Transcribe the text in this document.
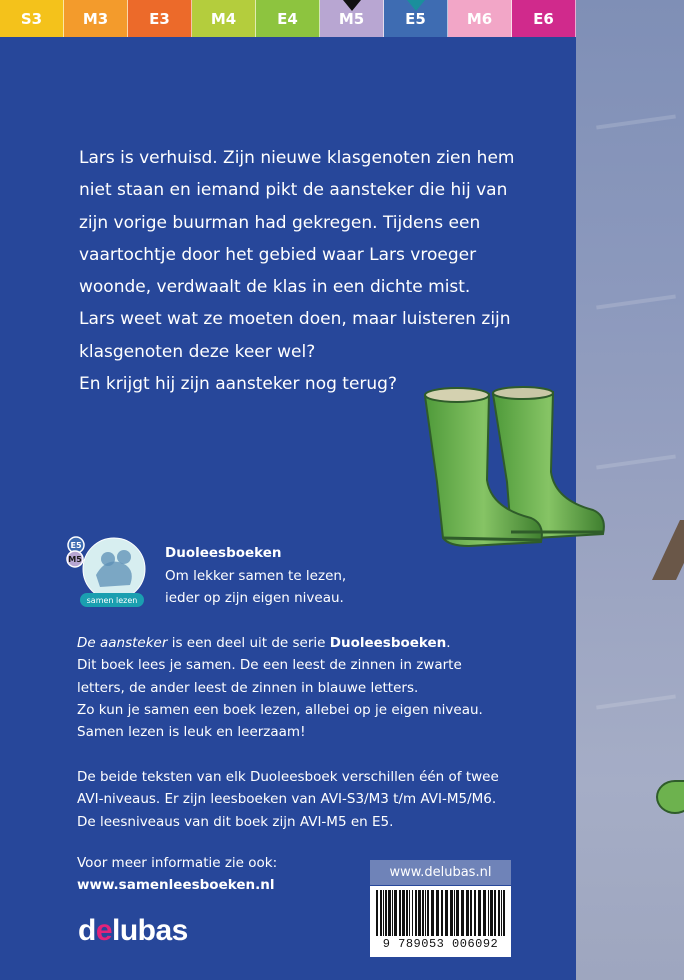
S3	M3	E3	M4	E4	M5	E5	M6	E6
Lars is verhuisd. Zijn nieuwe klasgenoten zien hem
niet staan en iemand pikt de aansteker die hij van
zijn vorige buurman had gekregen. Tijdens een
vaartochtje door het gebied waar Lars vroeger
woonde, verdwaalt de klas in een dichte mist.
Lars weet wat ze moeten doen, maar luisteren zijn
klasgenoten deze keer wel?
En krijgt hij zijn aansteker nog terug?
E5
M5
samen lezen
Duoleesboeken
Om lekker samen te lezen,
ieder op zijn eigen niveau.
De aansteker is een deel uit de serie Duoleesboeken.
Dit boek lees je samen. De een leest de zinnen in zwarte
letters, de ander leest de zinnen in blauwe letters.
Zo kun je samen een boek lezen, allebei op je eigen niveau.
Samen lezen is leuk en leerzaam!
De beide teksten van elk Duoleesboek verschillen één of twee
AVI-niveaus. Er zijn leesboeken van AVI-S3/M3 t/m AVI-M5/M6.
De leesniveaus van dit boek zijn AVI-M5 en E5.
Voor meer informatie zie ook:
www.samenleesboeken.nl
delubas
www.delubas.nl
9 789053 006092
